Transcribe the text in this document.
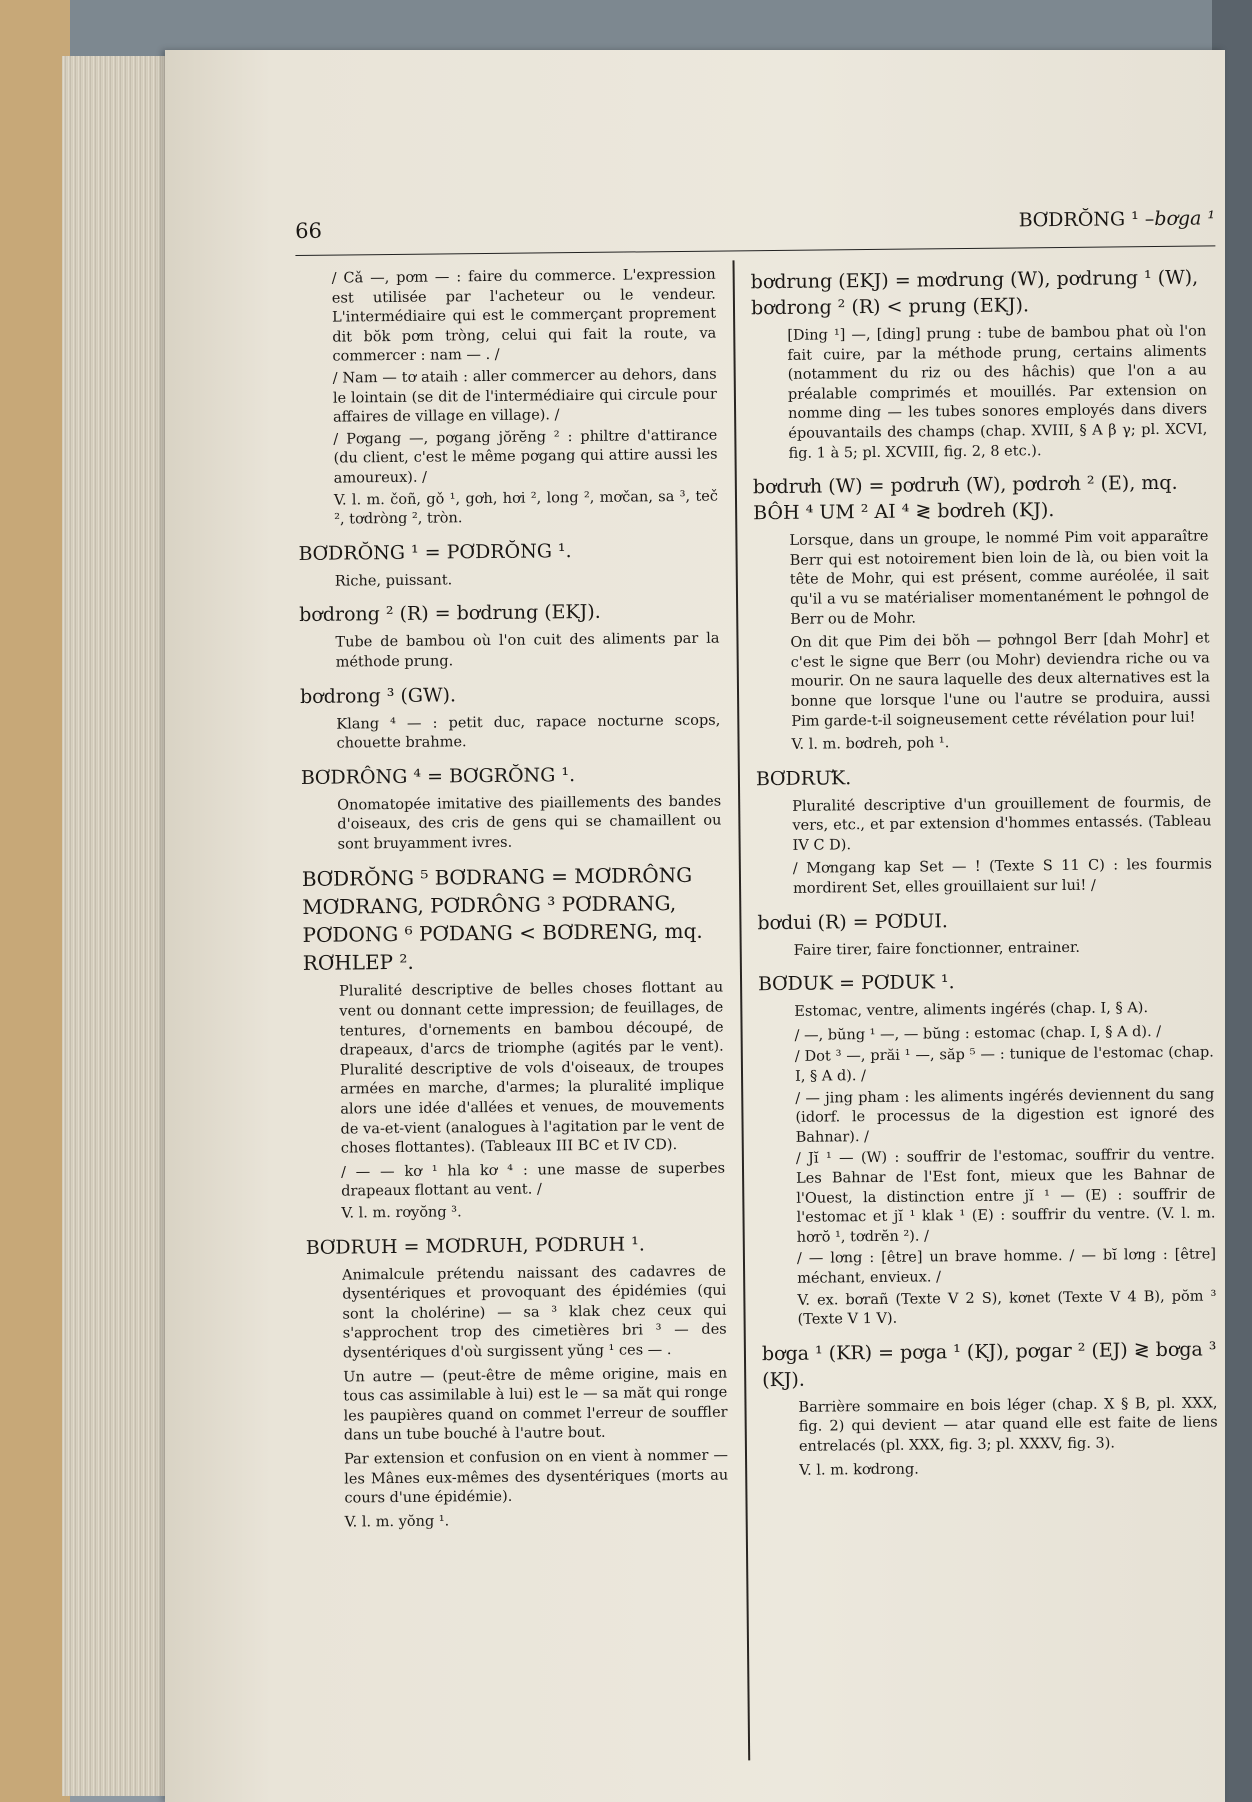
66	BƠDRŎNG ¹ –bơga ¹
/ Cǎ —, pơm — : faire du commerce. L'expression est utilisée par l'acheteur ou le vendeur. L'intermédiaire qui est le commerçant proprement dit bŏk pơm tròng, celui qui fait la route, va commercer : nam — . /
/ Nam — tơ ataih : aller commercer au dehors, dans le lointain (se dit de l'intermédiaire qui circule pour affaires de village en village). /
/ Pơgang —, pơgang jŏrĕng ² : philtre d'attirance (du client, c'est le même pơgang qui attire aussi les amoureux). /
V. l. m. čoñ, gǒ ¹, gơh, hơi ², long ², mơčan, sa ³, teč ², tơdròng ², tròn.
BƠDRŎNG ¹ = PƠDRŎNG ¹.
Riche, puissant.
bơdrong ² (R) = bơdrung (EKJ).
Tube de bambou où l'on cuit des aliments par la méthode prung.
bơdrong ³ (GW).
Klang ⁴ — : petit duc, rapace nocturne scops, chouette brahme.
BƠDRÔNG ⁴ = BƠGRŎNG ¹.
Onomatopée imitative des piaillements des bandes d'oiseaux, des cris de gens qui se chamaillent ou sont bruyamment ivres.
BƠDRŎNG ⁵ BƠDRANG = MƠDRÔNG MƠDRANG, PƠDRÔNG ³ PƠDRANG, PƠDONG ⁶ PƠDANG < BƠDRENG, mq. RƠHLEP ².
Pluralité descriptive de belles choses flottant au vent ou donnant cette impression; de feuillages, de tentures, d'ornements en bambou découpé, de drapeaux, d'arcs de triomphe (agités par le vent). Pluralité descriptive de vols d'oiseaux, de troupes armées en marche, d'armes; la pluralité implique alors une idée d'allées et venues, de mouvements de va-et-vient (analogues à l'agitation par le vent de choses flottantes). (Tableaux III BC et IV CD).
/ — — kơ ¹ hla kơ ⁴ : une masse de superbes drapeaux flottant au vent. /
V. l. m. rơyŏng ³.
BƠDRUH = MƠDRUH, PƠDRUH ¹.
Animalcule prétendu naissant des cadavres de dysentériques et provoquant des épidémies (qui sont la cholérine) — sa ³ klak chez ceux qui s'approchent trop des cimetières bri ³ — des dysentériques d'où surgissent yŭng ¹ ces — .
Un autre — (peut-être de même origine, mais en tous cas assimilable à lui) est le — sa măt qui ronge les paupières quand on commet l'erreur de souffler dans un tube bouché à l'autre bout.
Par extension et confusion on en vient à nommer — les Mânes eux-mêmes des dysentériques (morts au cours d'une épidémie).
V. l. m. yŏng ¹.
bơdrung (EKJ) = mơdrung (W), pơdrung ¹ (W), bơdrong ² (R) < prung (EKJ).
[Ding ¹] —, [ding] prung : tube de bambou phat où l'on fait cuire, par la méthode prung, certains aliments (notamment du riz ou des hâchis) que l'on a au préalable comprimés et mouillés. Par extension on nomme ding — les tubes sonores employés dans divers épouvantails des champs (chap. XVIII, § A β γ; pl. XCVI, fig. 1 à 5; pl. XCVIII, fig. 2, 8 etc.).
bơdrưh (W) = pơdrưh (W), pơdrơh ² (E), mq. BÔH ⁴ UM ² AI ⁴ ≷ bơdreh (KJ).
Lorsque, dans un groupe, le nommé Pim voit apparaître Berr qui est notoirement bien loin de là, ou bien voit la tête de Mohr, qui est présent, comme auréolée, il sait qu'il a vu se matérialiser momentanément le pơhngol de Berr ou de Mohr.
On dit que Pim dei bŏh — pơhngol Berr [dah Mohr] et c'est le signe que Berr (ou Mohr) deviendra riche ou va mourir. On ne saura laquelle des deux alternatives est la bonne que lorsque l'une ou l'autre se produira, aussi Pim garde-t-il soigneusement cette révélation pour lui!
V. l. m. bơdreh, poh ¹.
BƠDRƯK.
Pluralité descriptive d'un grouillement de fourmis, de vers, etc., et par extension d'hommes entassés. (Tableau IV C D).
/ Mơngang kap Set — ! (Texte S 11 C) : les fourmis mordirent Set, elles grouillaient sur lui! /
bơdui (R) = PƠDUI.
Faire tirer, faire fonctionner, entrainer.
BƠDUK = PƠDUK ¹.
Estomac, ventre, aliments ingérés (chap. I, § A).
/ —, bŭng ¹ —, — bŭng : estomac (chap. I, § A d). /
/ Dot ³ —, prăi ¹ —, săp ⁵ — : tunique de l'estomac (chap. I, § A d). /
/ — jing pham : les aliments ingérés deviennent du sang (idorf. le processus de la digestion est ignoré des Bahnar). /
/ Jĭ ¹ — (W) : souffrir de l'estomac, souffrir du ventre. Les Bahnar de l'Est font, mieux que les Bahnar de l'Ouest, la distinction entre jĭ ¹ — (E) : souffrir de l'estomac et jĭ ¹ klak ¹ (E) : souffrir du ventre. (V. l. m. hơrŏ ¹, tơdrĕn ²). /
/ — lơng : [être] un brave homme. / — bĭ lơng : [être] méchant, envieux. /
V. ex. bơrañ (Texte V 2 S), kơnet (Texte V 4 B), pŏm ³ (Texte V 1 V).
bơga ¹ (KR) = pơga ¹ (KJ), pơgar ² (EJ) ≷ bơga ³ (KJ).
Barrière sommaire en bois léger (chap. X § B, pl. XXX, fig. 2) qui devient — atar quand elle est faite de liens entrelacés (pl. XXX, fig. 3; pl. XXXV, fig. 3).
V. l. m. kơdrong.
